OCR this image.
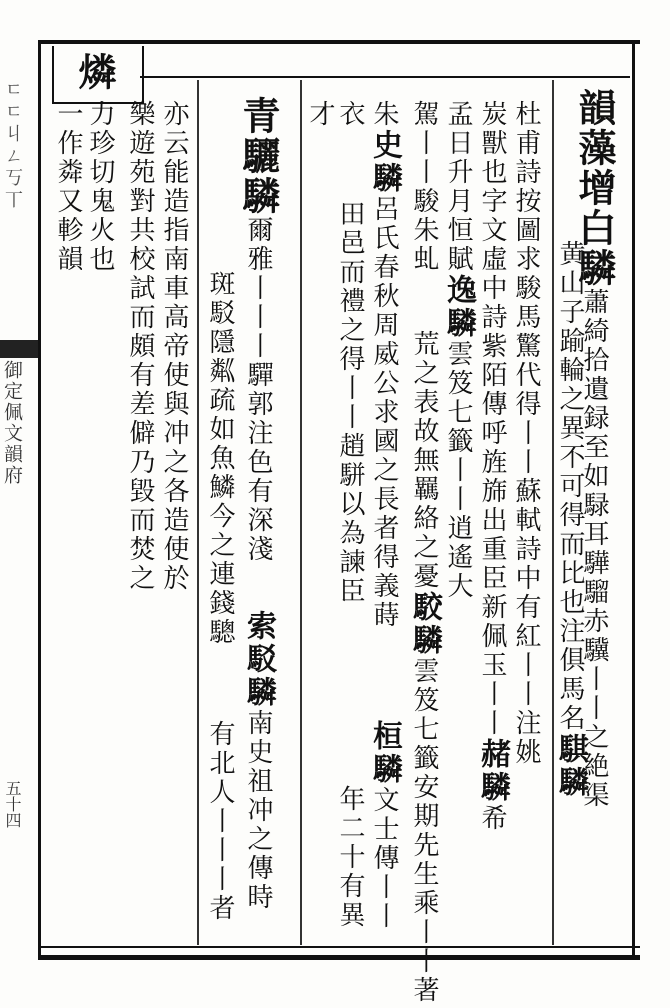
ㄷㄷ丩ㄥ丂丅
御定佩文韻府
五十四
韻藻增白驎蕭綺拾遺録至如騄耳驊騮赤驥丨丨之絶渠
黄山子踰輪之異不可得而比也注俱馬名騏驎
杜甫詩按圖求駿馬驚代得丨丨蘇軾詩中有紅丨丨注姚
炭獸也字文虛中詩紫陌傳呼旌旆出重臣新佩玉丨丨赭驎希
孟日升月恒賦逸驎雲笈七籤丨丨逍遙大
駕丨丨駿朱虬
荒之表故無羈絡之憂駮驎雲笈七籤安期先生乘丨丨著
朱史驎呂氏春秋周威公求國之長者得義蒔
桓驎文士傳丨丨
衣
田邑而禮之得丨丨趙駢以為諫臣
年二十有異
才
青驪驎爾雅丨丨丨驒郭注色有深淺
索駁驎南史祖冲之傳時
斑駁隱粼疏如魚鱗今之連錢驄
有北人丨丨丨者
亦云能造指南車高帝使與冲之各造使於
樂遊苑對共校試而頗有差僻乃毀而焚之
燐
力珍切鬼火也
一作粦又軫韻
